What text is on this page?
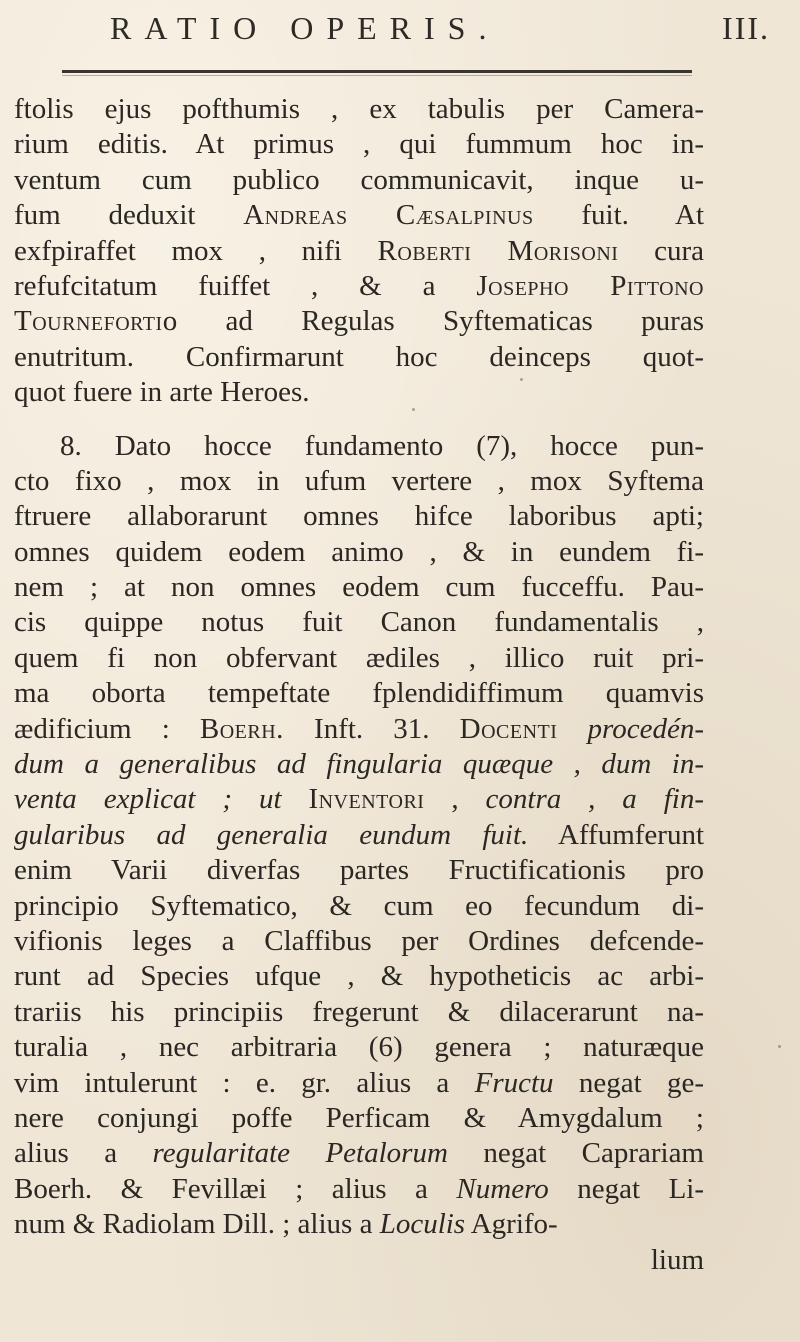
RATIO OPERIS.	III.
ftolis ejus pofthumis , ex tabulis per Camera-
rium editis. At primus , qui fummum hoc in-
ventum cum publico communicavit, inque u-
fum deduxit Andreas Cæsalpinus fuit. At
exfpiraffet mox , nifi Roberti Morisoni cura
refufcitatum fuiffet , & a Josepho Pittono
Tournefortio ad Regulas Syftematicas puras
enutritum. Confirmarunt hoc deinceps quot-
quot fuere in arte Heroes.
8. Dato hocce fundamento (7), hocce pun-
cto fixo , mox in ufum vertere , mox Syftema
ftruere allaborarunt omnes hifce laboribus apti;
omnes quidem eodem animo , & in eundem fi-
nem ; at non omnes eodem cum fucceffu. Pau-
cis quippe notus fuit Canon fundamentalis ,
quem fi non obfervant ædiles , illico ruit pri-
ma oborta tempeftate fplendidiffimum quamvis
ædificium : Boerh. Inft. 31. Docenti procedén-
dum a generalibus ad fingularia quæque , dum in-
venta explicat ; ut Inventori , contra , a fin-
gularibus ad generalia eundum fuit. Affumferunt
enim Varii diverfas partes Fructificationis pro
principio Syftematico, & cum eo fecundum di-
vifionis leges a Claffibus per Ordines defcende-
runt ad Species ufque , & hypotheticis ac arbi-
trariis his principiis fregerunt & dilacerarunt na-
turalia , nec arbitraria (6) genera ; naturæque
vim intulerunt : e. gr. alius a Fructu negat ge-
nere conjungi poffe Perficam & Amygdalum ;
alius a regularitate Petalorum negat Caprariam
Boerh. & Fevillæi ; alius a Numero negat Li-
num & Radiolam Dill. ; alius a Loculis Agrifo-
lium
